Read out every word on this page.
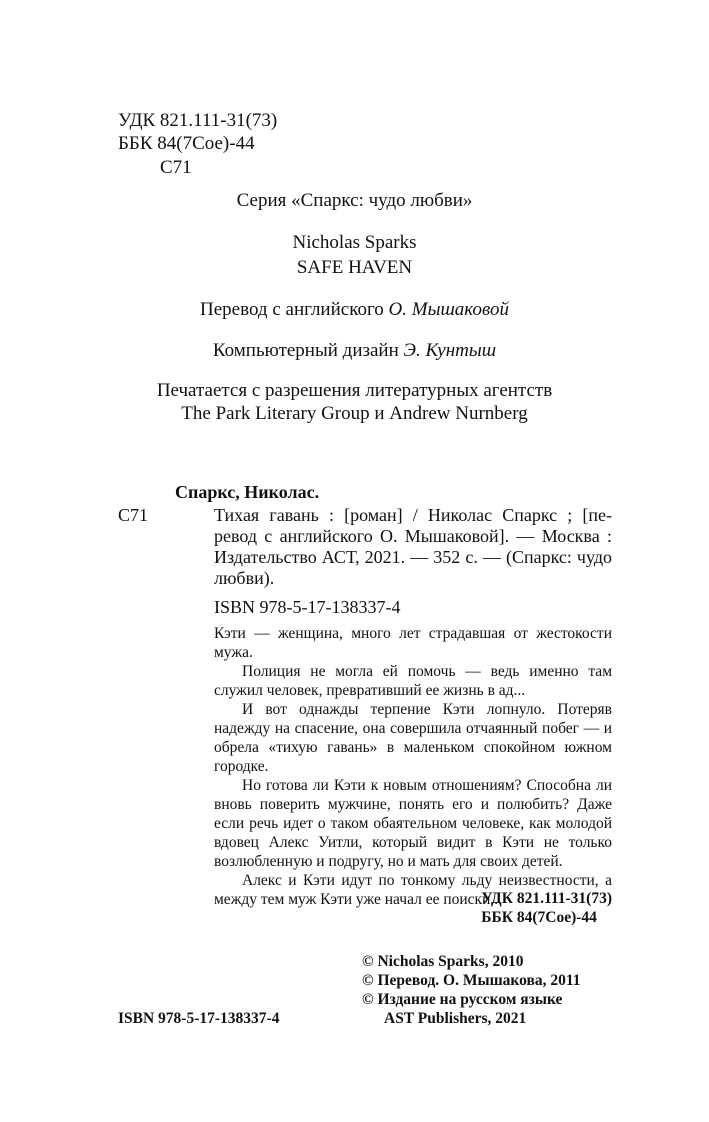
УДК 821.111-31(73)
ББК 84(7Сое)-44
С71
Серия «Спаркс: чудо любви»
Nicholas Sparks
SAFE HAVEN
Перевод с английского О. Мышаковой
Компьютерный дизайн Э. Кунтыш
Печатается с разрешения литературных агентств
The Park Literary Group и Andrew Nurnberg
Спаркс, Николас.
С71	Тихая гавань : [роман] / Николас Спаркс ; [пе-
ревод с английского О. Мышаковой]. — Москва :
Издательство АСТ, 2021. — 352 с. — (Спаркс: чудо
любви).
ISBN 978-5-17-138337-4

Кэти — женщина, много лет страдавшая от жестокости мужа.

Полиция не могла ей помочь — ведь именно там служил человек, превративший ее жизнь в ад...

И вот однажды терпение Кэти лопнуло. Потеряв надежду на спасение, она совершила отчаянный побег — и обрела «тихую гавань» в маленьком спокойном южном городке.

Но готова ли Кэти к новым отношениям? Способна ли вновь поверить мужчине, понять его и полюбить? Даже если речь идет о таком обаятельном человеке, как молодой вдовец Алекс Уитли, который видит в Кэти не только возлюбленную и подругу, но и мать для своих детей.

Алекс и Кэти идут по тонкому льду неизвестности, а между тем муж Кэти уже начал ее поиски...

УДК 821.111-31(73)
ББК 84(7Сое)-44
© Nicholas Sparks, 2010
© Перевод. О. Мышакова, 2011
© Издание на русском языке
AST Publishers, 2021
ISBN 978-5-17-138337-4
